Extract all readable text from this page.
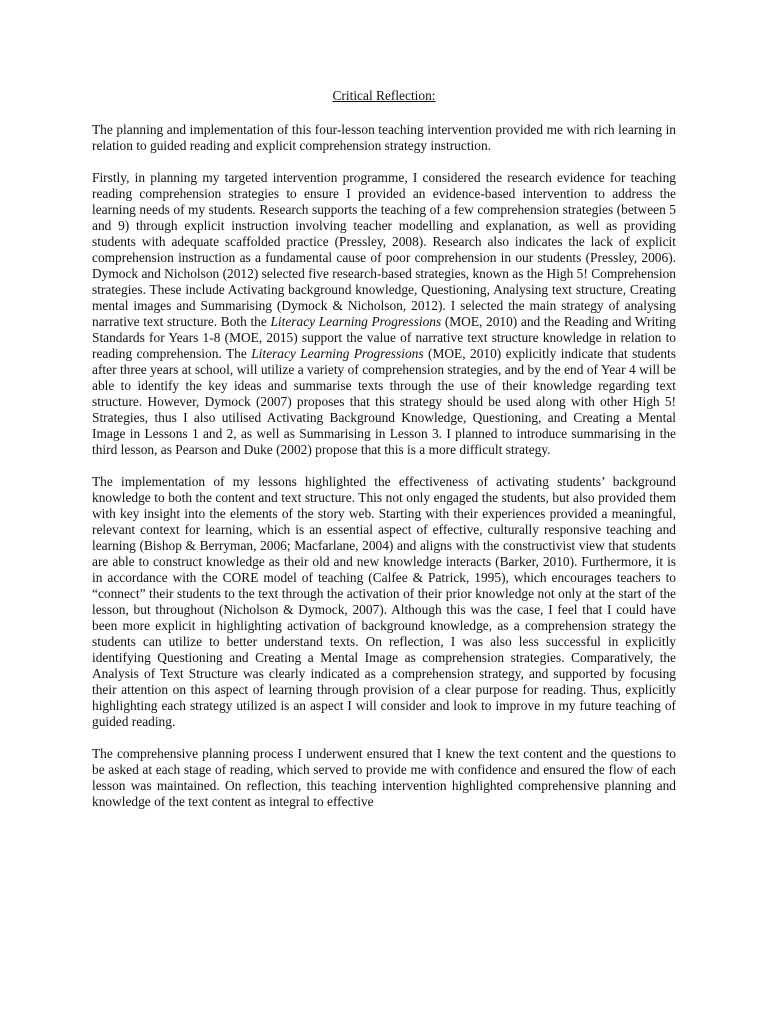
Critical Reflection:

The planning and implementation of this four-lesson teaching intervention provided me with rich learning in relation to guided reading and explicit comprehension strategy instruction.

Firstly, in planning my targeted intervention programme, I considered the research evidence for teaching reading comprehension strategies to ensure I provided an evidence-based intervention to address the learning needs of my students. Research supports the teaching of a few comprehension strategies (between 5 and 9) through explicit instruction involving teacher modelling and explanation, as well as providing students with adequate scaffolded practice (Pressley, 2008). Research also indicates the lack of explicit comprehension instruction as a fundamental cause of poor comprehension in our students (Pressley, 2006). Dymock and Nicholson (2012) selected five research-based strategies, known as the High 5! Comprehension strategies. These include Activating background knowledge, Questioning, Analysing text structure, Creating mental images and Summarising (Dymock & Nicholson, 2012). I selected the main strategy of analysing narrative text structure. Both the Literacy Learning Progressions (MOE, 2010) and the Reading and Writing Standards for Years 1-8 (MOE, 2015) support the value of narrative text structure knowledge in relation to reading comprehension. The Literacy Learning Progressions (MOE, 2010) explicitly indicate that students after three years at school, will utilize a variety of comprehension strategies, and by the end of Year 4 will be able to identify the key ideas and summarise texts through the use of their knowledge regarding text structure. However, Dymock (2007) proposes that this strategy should be used along with other High 5! Strategies, thus I also utilised Activating Background Knowledge, Questioning, and Creating a Mental Image in Lessons 1 and 2, as well as Summarising in Lesson 3. I planned to introduce summarising in the third lesson, as Pearson and Duke (2002) propose that this is a more difficult strategy.

The implementation of my lessons highlighted the effectiveness of activating students’ background knowledge to both the content and text structure. This not only engaged the students, but also provided them with key insight into the elements of the story web. Starting with their experiences provided a meaningful, relevant context for learning, which is an essential aspect of effective, culturally responsive teaching and learning (Bishop & Berryman, 2006; Macfarlane, 2004) and aligns with the constructivist view that students are able to construct knowledge as their old and new knowledge interacts (Barker, 2010). Furthermore, it is in accordance with the CORE model of teaching (Calfee & Patrick, 1995), which encourages teachers to “connect” their students to the text through the activation of their prior knowledge not only at the start of the lesson, but throughout (Nicholson & Dymock, 2007). Although this was the case, I feel that I could have been more explicit in highlighting activation of background knowledge, as a comprehension strategy the students can utilize to better understand texts. On reflection, I was also less successful in explicitly identifying Questioning and Creating a Mental Image as comprehension strategies. Comparatively, the Analysis of Text Structure was clearly indicated as a comprehension strategy, and supported by focusing their attention on this aspect of learning through provision of a clear purpose for reading. Thus, explicitly highlighting each strategy utilized is an aspect I will consider and look to improve in my future teaching of guided reading.

The comprehensive planning process I underwent ensured that I knew the text content and the questions to be asked at each stage of reading, which served to provide me with confidence and ensured the flow of each lesson was maintained. On reflection, this teaching intervention highlighted comprehensive planning and knowledge of the text content as integral to effective
